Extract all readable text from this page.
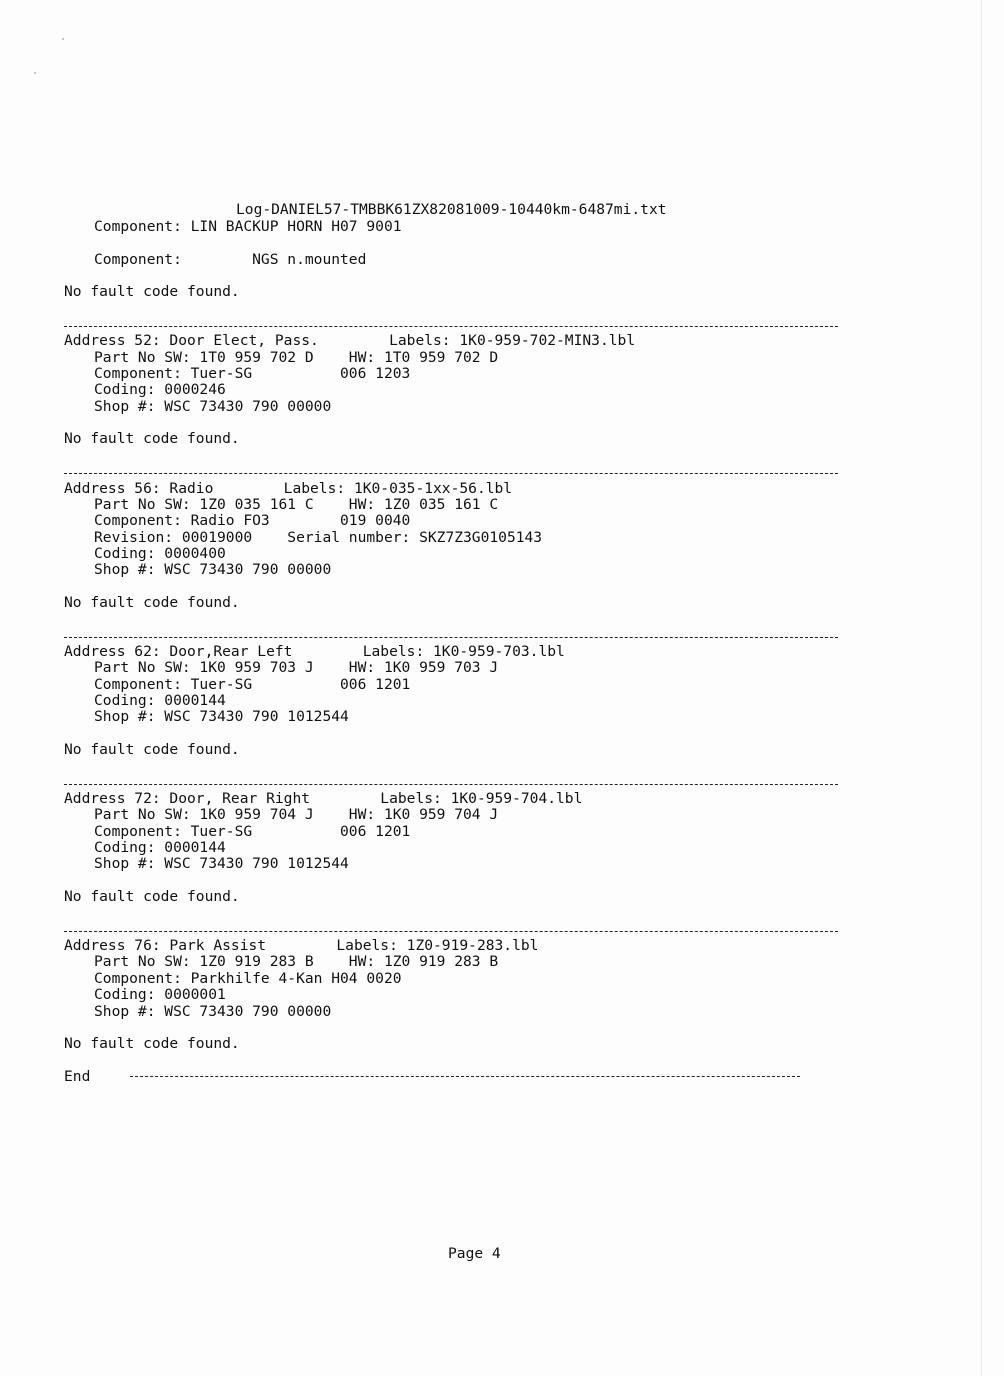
Log-DANIEL57-TMBBK61ZX82081009-10440km-6487mi.txt
Component: LIN BACKUP HORN H07 9001
Component:        NGS n.mounted
No fault code found.
Address 52: Door Elect, Pass.        Labels: 1K0-959-702-MIN3.lbl
Part No SW: 1T0 959 702 D    HW: 1T0 959 702 D
Component: Tuer-SG          006 1203
Coding: 0000246
Shop #: WSC 73430 790 00000
No fault code found.
Address 56: Radio        Labels: 1K0-035-1xx-56.lbl
Part No SW: 1Z0 035 161 C    HW: 1Z0 035 161 C
Component: Radio FO3        019 0040
Revision: 00019000    Serial number: SKZ7Z3G0105143
Coding: 0000400
Shop #: WSC 73430 790 00000
No fault code found.
Address 62: Door,Rear Left        Labels: 1K0-959-703.lbl
Part No SW: 1K0 959 703 J    HW: 1K0 959 703 J
Component: Tuer-SG          006 1201
Coding: 0000144
Shop #: WSC 73430 790 1012544
No fault code found.
Address 72: Door, Rear Right        Labels: 1K0-959-704.lbl
Part No SW: 1K0 959 704 J    HW: 1K0 959 704 J
Component: Tuer-SG          006 1201
Coding: 0000144
Shop #: WSC 73430 790 1012544
No fault code found.
Address 76: Park Assist        Labels: 1Z0-919-283.lbl
Part No SW: 1Z0 919 283 B    HW: 1Z0 919 283 B
Component: Parkhilfe 4-Kan H04 0020
Coding: 0000001
Shop #: WSC 73430 790 00000
No fault code found.
End
Page 4
